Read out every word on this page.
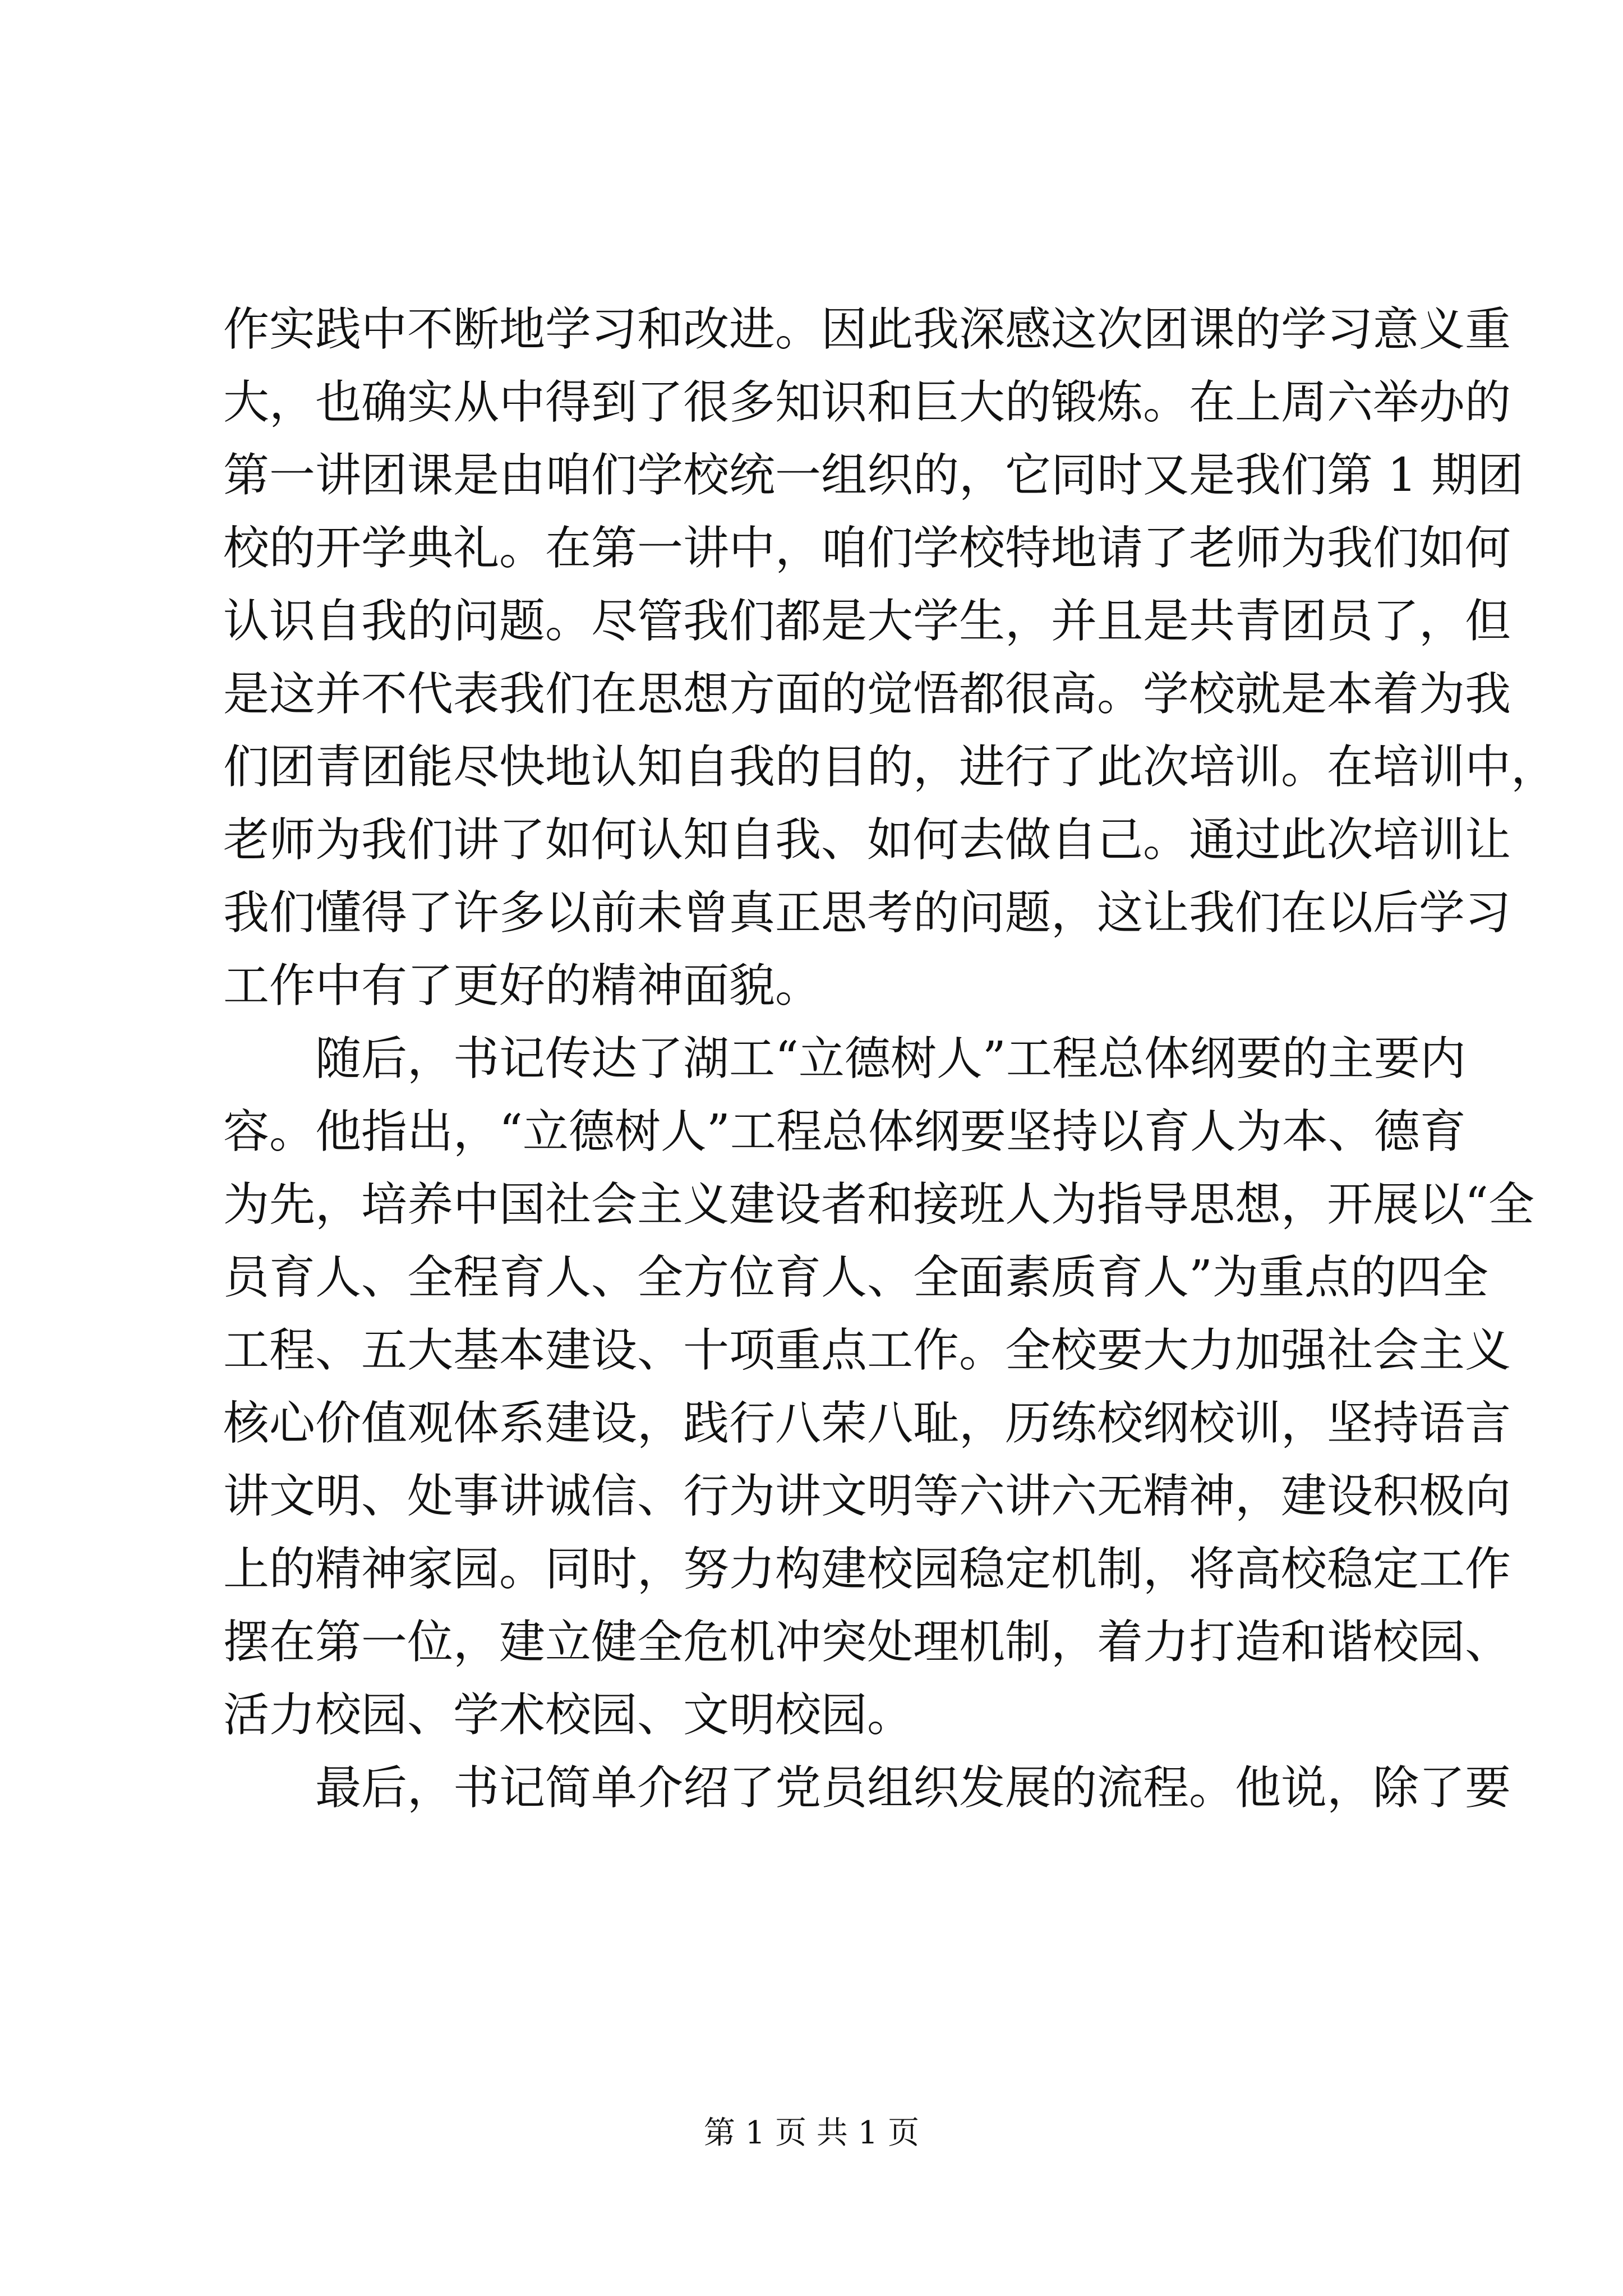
作实践中不断地学习和改进。因此我深感这次团课的学习意义重
大，也确实从中得到了很多知识和巨大的锻炼。在上周六举办的
第一讲团课是由咱们学校统一组织的，它同时又是我们第 1 期团
校的开学典礼。在第一讲中，咱们学校特地请了老师为我们如何
认识自我的问题。尽管我们都是大学生，并且是共青团员了，但
是这并不代表我们在思想方面的觉悟都很高。学校就是本着为我
们团青团能尽快地认知自我的目的，进行了此次培训。在培训中，
老师为我们讲了如何认知自我、如何去做自己。通过此次培训让
我们懂得了许多以前未曾真正思考的问题，这让我们在以后学习
工作中有了更好的精神面貌。
随后，书记传达了湖工“立德树人”工程总体纲要的主要内
容。他指出，“立德树人”工程总体纲要坚持以育人为本、德育
为先，培养中国社会主义建设者和接班人为指导思想，开展以“全
员育人、全程育人、全方位育人、全面素质育人”为重点的四全
工程、五大基本建设、十项重点工作。全校要大力加强社会主义
核心价值观体系建设，践行八荣八耻，历练校纲校训，坚持语言
讲文明、处事讲诚信、行为讲文明等六讲六无精神，建设积极向
上的精神家园。同时，努力构建校园稳定机制，将高校稳定工作
摆在第一位，建立健全危机冲突处理机制，着力打造和谐校园、
活力校园、学术校园、文明校园。
最后，书记简单介绍了党员组织发展的流程。他说，除了要
第 1 页 共 1 页
